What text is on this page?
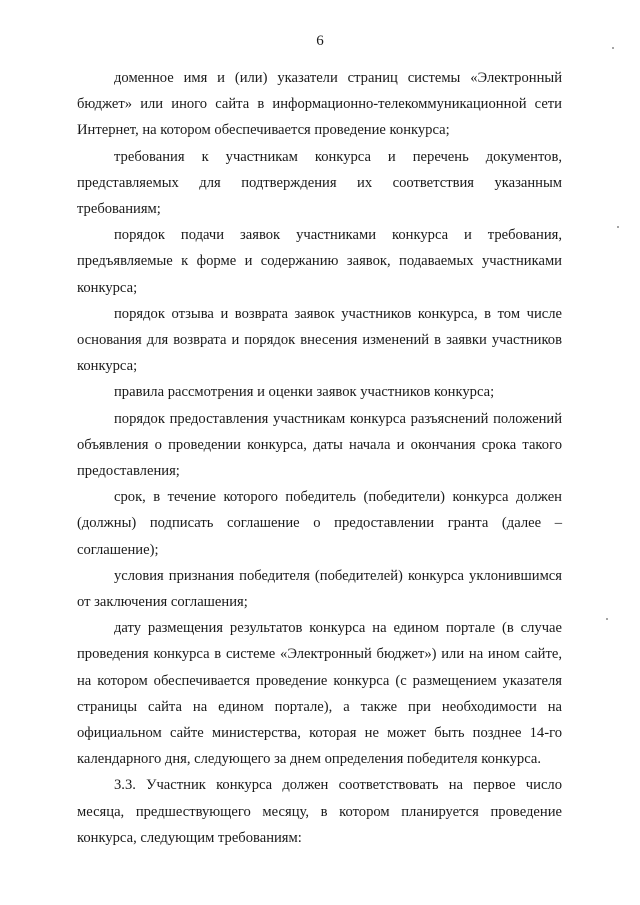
6

доменное имя и (или) указатели страниц системы «Электронный бюджет» или иного сайта в информационно-телекоммуникационной сети Интернет, на котором обеспечивается проведение конкурса;

требования к участникам конкурса и перечень документов, представляемых для подтверждения их соответствия указанным требованиям;

порядок подачи заявок участниками конкурса и требования, предъявляемые к форме и содержанию заявок, подаваемых участниками конкурса;

порядок отзыва и возврата заявок участников конкурса, в том числе основания для возврата и порядок внесения изменений в заявки участников конкурса;

правила рассмотрения и оценки заявок участников конкурса;

порядок предоставления участникам конкурса разъяснений положений объявления о проведении конкурса, даты начала и окончания срока такого предоставления;

срок, в течение которого победитель (победители) конкурса должен (должны) подписать соглашение о предоставлении гранта (далее – соглашение);

условия признания победителя (победителей) конкурса уклонившимся от заключения соглашения;

дату размещения результатов конкурса на едином портале (в случае проведения конкурса в системе «Электронный бюджет») или на ином сайте, на котором обеспечивается проведение конкурса (с размещением указателя страницы сайта на едином портале), а также при необходимости на официальном сайте министерства, которая не может быть позднее 14-го календарного дня, следующего за днем определения победителя конкурса.

3.3. Участник конкурса должен соответствовать на первое число месяца, предшествующего месяцу, в котором планируется проведение конкурса, следующим требованиям:
